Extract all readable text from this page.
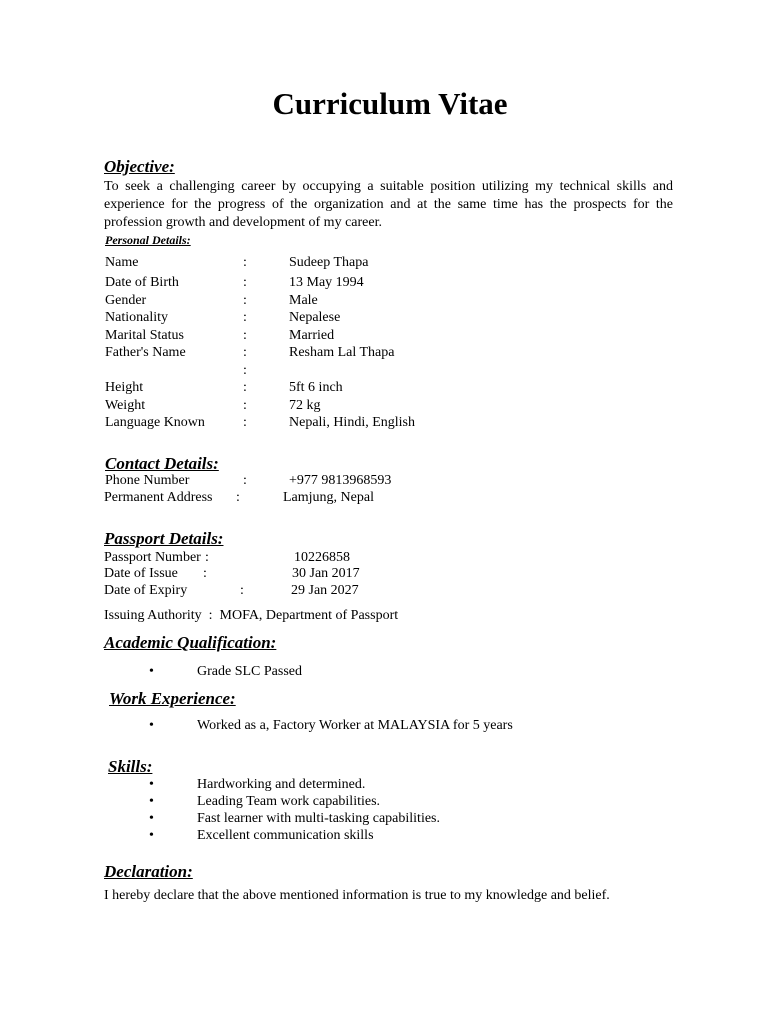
Curriculum Vitae
Objective:
To seek a challenging career by occupying a suitable position utilizing my technical skills and experience for the progress of the organization and at the same time has the prospects for the profession growth and development of my career.
Personal Details:
Name	:	Sudeep Thapa
Date of Birth	:	13 May 1994
Gender	:	Male
Nationality	:	Nepalese
Marital Status	:	Married
Father's Name	:	Resham Lal Thapa
:
Height	:	5ft 6 inch
Weight	:	72 kg
Language Known	:	Nepali, Hindi, English
Contact Details:
Phone Number	:	+977 9813968593
Permanent Address :	Lamjung, Nepal
Passport Details:
Passport Number :	10226858
Date of Issue :	30 Jan 2017
Date of Expiry	:	29 Jan 2027
Issuing Authority  :  MOFA, Department of Passport
Academic Qualification:
•	Grade SLC Passed
Work Experience:
•	Worked as a, Factory Worker at MALAYSIA for 5 years
Skills:
•	Hardworking and determined.
•	Leading Team work capabilities.
•	Fast learner with multi-tasking capabilities.
•	Excellent communication skills
Declaration:
I hereby declare that the above mentioned information is true to my knowledge and belief.
